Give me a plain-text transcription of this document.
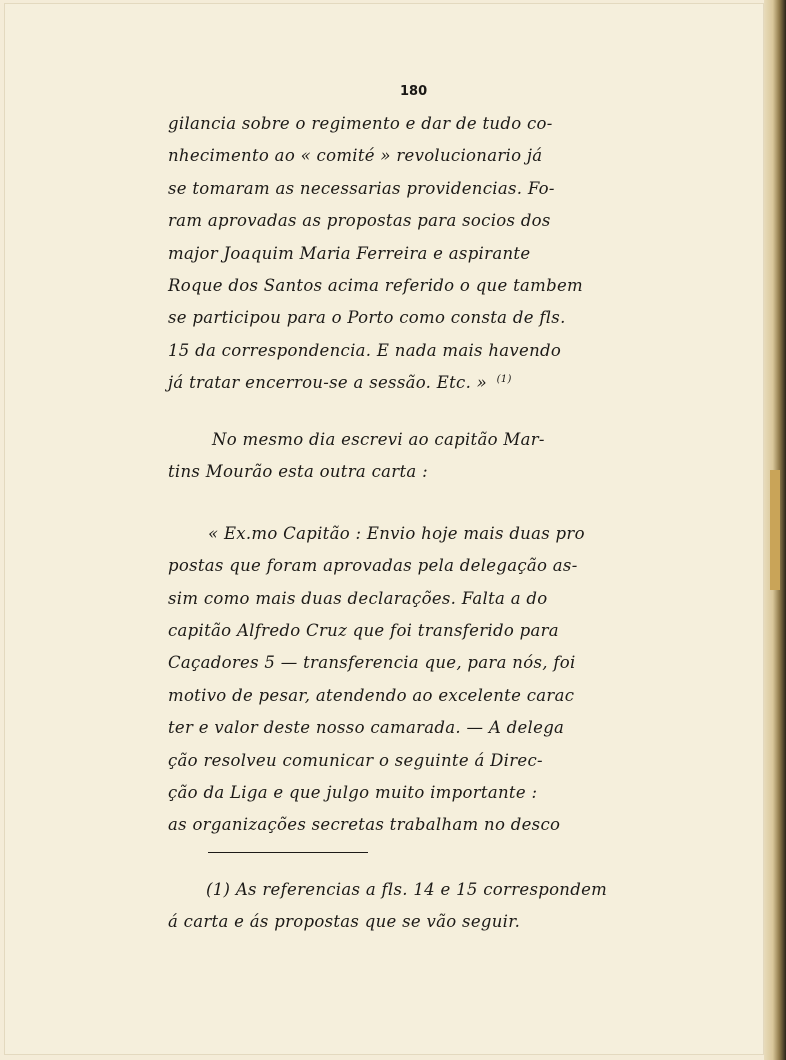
180
gilancia sobre o regimento e dar de tudo co-
nhecimento ao « comité » revolucionario já
se tomaram as necessarias providencias. Fo-
ram aprovadas as propostas para socios dos
major Joaquim Maria Ferreira e aspirante
Roque dos Santos acima referido o que tambem
se participou para o Porto como consta de fls.
15 da correspondencia. E nada mais havendo
já tratar encerrou-se a sessão. Etc. » $^{(1)}$
No mesmo dia escrevi ao capitão Mar-
tins Mourão esta outra carta :
« Ex.mo Capitão : Envio hoje mais duas pro
postas que foram aprovadas pela delegação as-
sim como mais duas declarações. Falta a do
capitão Alfredo Cruz que foi transferido para
Caçadores 5 — transferencia que, para nós, foi
motivo de pesar, atendendo ao excelente carac
ter e valor deste nosso camarada. — A delega
ção resolveu comunicar o seguinte á Direc-
ção da Liga e que julgo muito importante :
as organizações secretas trabalham no desco
(1) As referencias a fls. 14 e 15 correspondem
á carta e ás propostas que se vão seguir.
